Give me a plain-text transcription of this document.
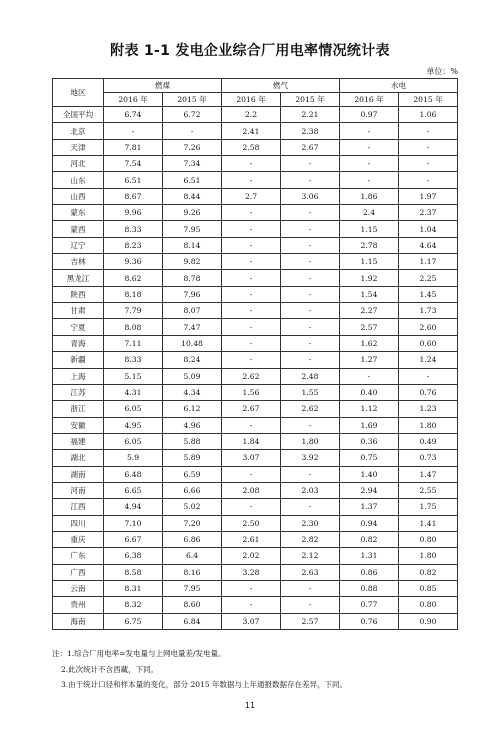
附表 1-1 发电企业综合厂用电率情况统计表
单位：%
地区	燃煤		燃气		水电	
	2016 年	2015 年	2016 年	2015 年	2016 年	2015 年
全国平均	6.74	6.72	2.2	2.21	0.97	1.06
北京	-	-	2.41	2.38	-	-
天津	7.81	7.26	2.58	2.67	-	-
河北	7.54	7.34	-	-	-	-
山东	6.51	6.51	-	-	-	-
山西	8.67	8.44	2.7	3.06	1.86	1.97
蒙东	9.96	9.26	-	-	2.4	2.37
蒙西	8.33	7.95	-	-	1.15	1.04
辽宁	8.23	8.14	-	-	2.78	4.64
吉林	9.36	9.82	-	-	1.15	1.17
黑龙江	8.62	8.78	-	-	1.92	2.25
陕西	8.18	7.96	-	-	1.54	1.45
甘肃	7.79	8.07	-	-	2.27	1.73
宁夏	8.08	7.47	-	-	2.57	2.60
青海	7.11	10.48	-	-	1.62	0.60
新疆	8.33	8.24	-	-	1.27	1.24
上海	5.15	5.09	2.62	2.48	-	-
江苏	4.31	4.34	1.56	1.55	0.40	0.76
浙江	6.05	6.12	2.67	2.62	1.12	1.23
安徽	4.95	4.96	-	-	1.69	1.80
福建	6.05	5.88	1.84	1.80	0.36	0.49
湖北	5.9	5.89	3.07	3.92	0.75	0.73
湖南	6.48	6.59	-	-	1.40	1.47
河南	6.65	6.66	2.08	2.03	2.94	2.55
江西	4.94	5.02	-	-	1.37	1.75
四川	7.10	7.20	2.50	2.30	0.94	1.41
重庆	6.67	6.86	2.61	2.82	0.82	0.80
广东	6.38	6.4	2.02	2.12	1.31	1.80
广西	8.58	8.16	3.28	2.63	0.86	0.82
云南	8.31	7.95	-	-	0.88	0.85
贵州	8.32	8.60	-	-	0.77	0.80
海南	6.75	6.84	3.07	2.57	0.76	0.90
注：1.综合厂用电率=发电量与上网电量差/发电量。
2.此次统计不含西藏，下同。
3.由于统计口径和样本量的变化，部分 2015 年数据与上年通报数据存在差异，下同。
11
